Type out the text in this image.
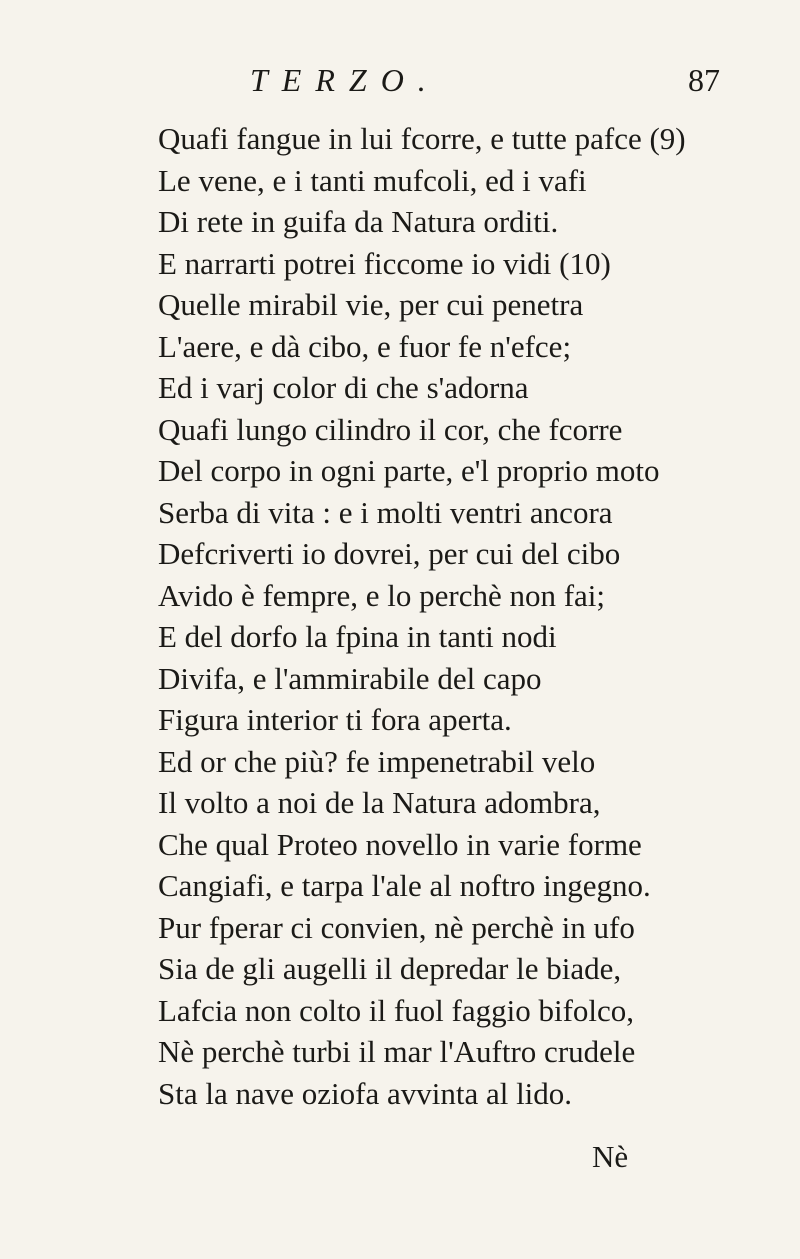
TERZO.	87
Quafi fangue in lui fcorre, e tutte pafce (9)
Le vene, e i tanti mufcoli, ed i vafi
Di rete in guifa da Natura orditi.
E narrarti potrei ficcome io vidi (10)
Quelle mirabil vie, per cui penetra
L'aere, e dà cibo, e fuor fe n'efce;
Ed i varj color di che s'adorna
Quafi lungo cilindro il cor, che fcorre
Del corpo in ogni parte, e'l proprio moto
Serba di vita : e i molti ventri ancora
Defcriverti io dovrei, per cui del cibo
Avido è fempre, e lo perchè non fai;
E del dorfo la fpina in tanti nodi
Divifa, e l'ammirabile del capo
Figura interior ti fora aperta.
Ed or che più? fe impenetrabil velo
Il volto a noi de la Natura adombra,
Che qual Proteo novello in varie forme
Cangiafi, e tarpa l'ale al noftro ingegno.
Pur fperar ci convien, nè perchè in ufo
Sia de gli augelli il depredar le biade,
Lafcia non colto il fuol faggio bifolco,
Nè perchè turbi il mar l'Auftro crudele
Sta la nave oziofa avvinta al lido.
Nè
